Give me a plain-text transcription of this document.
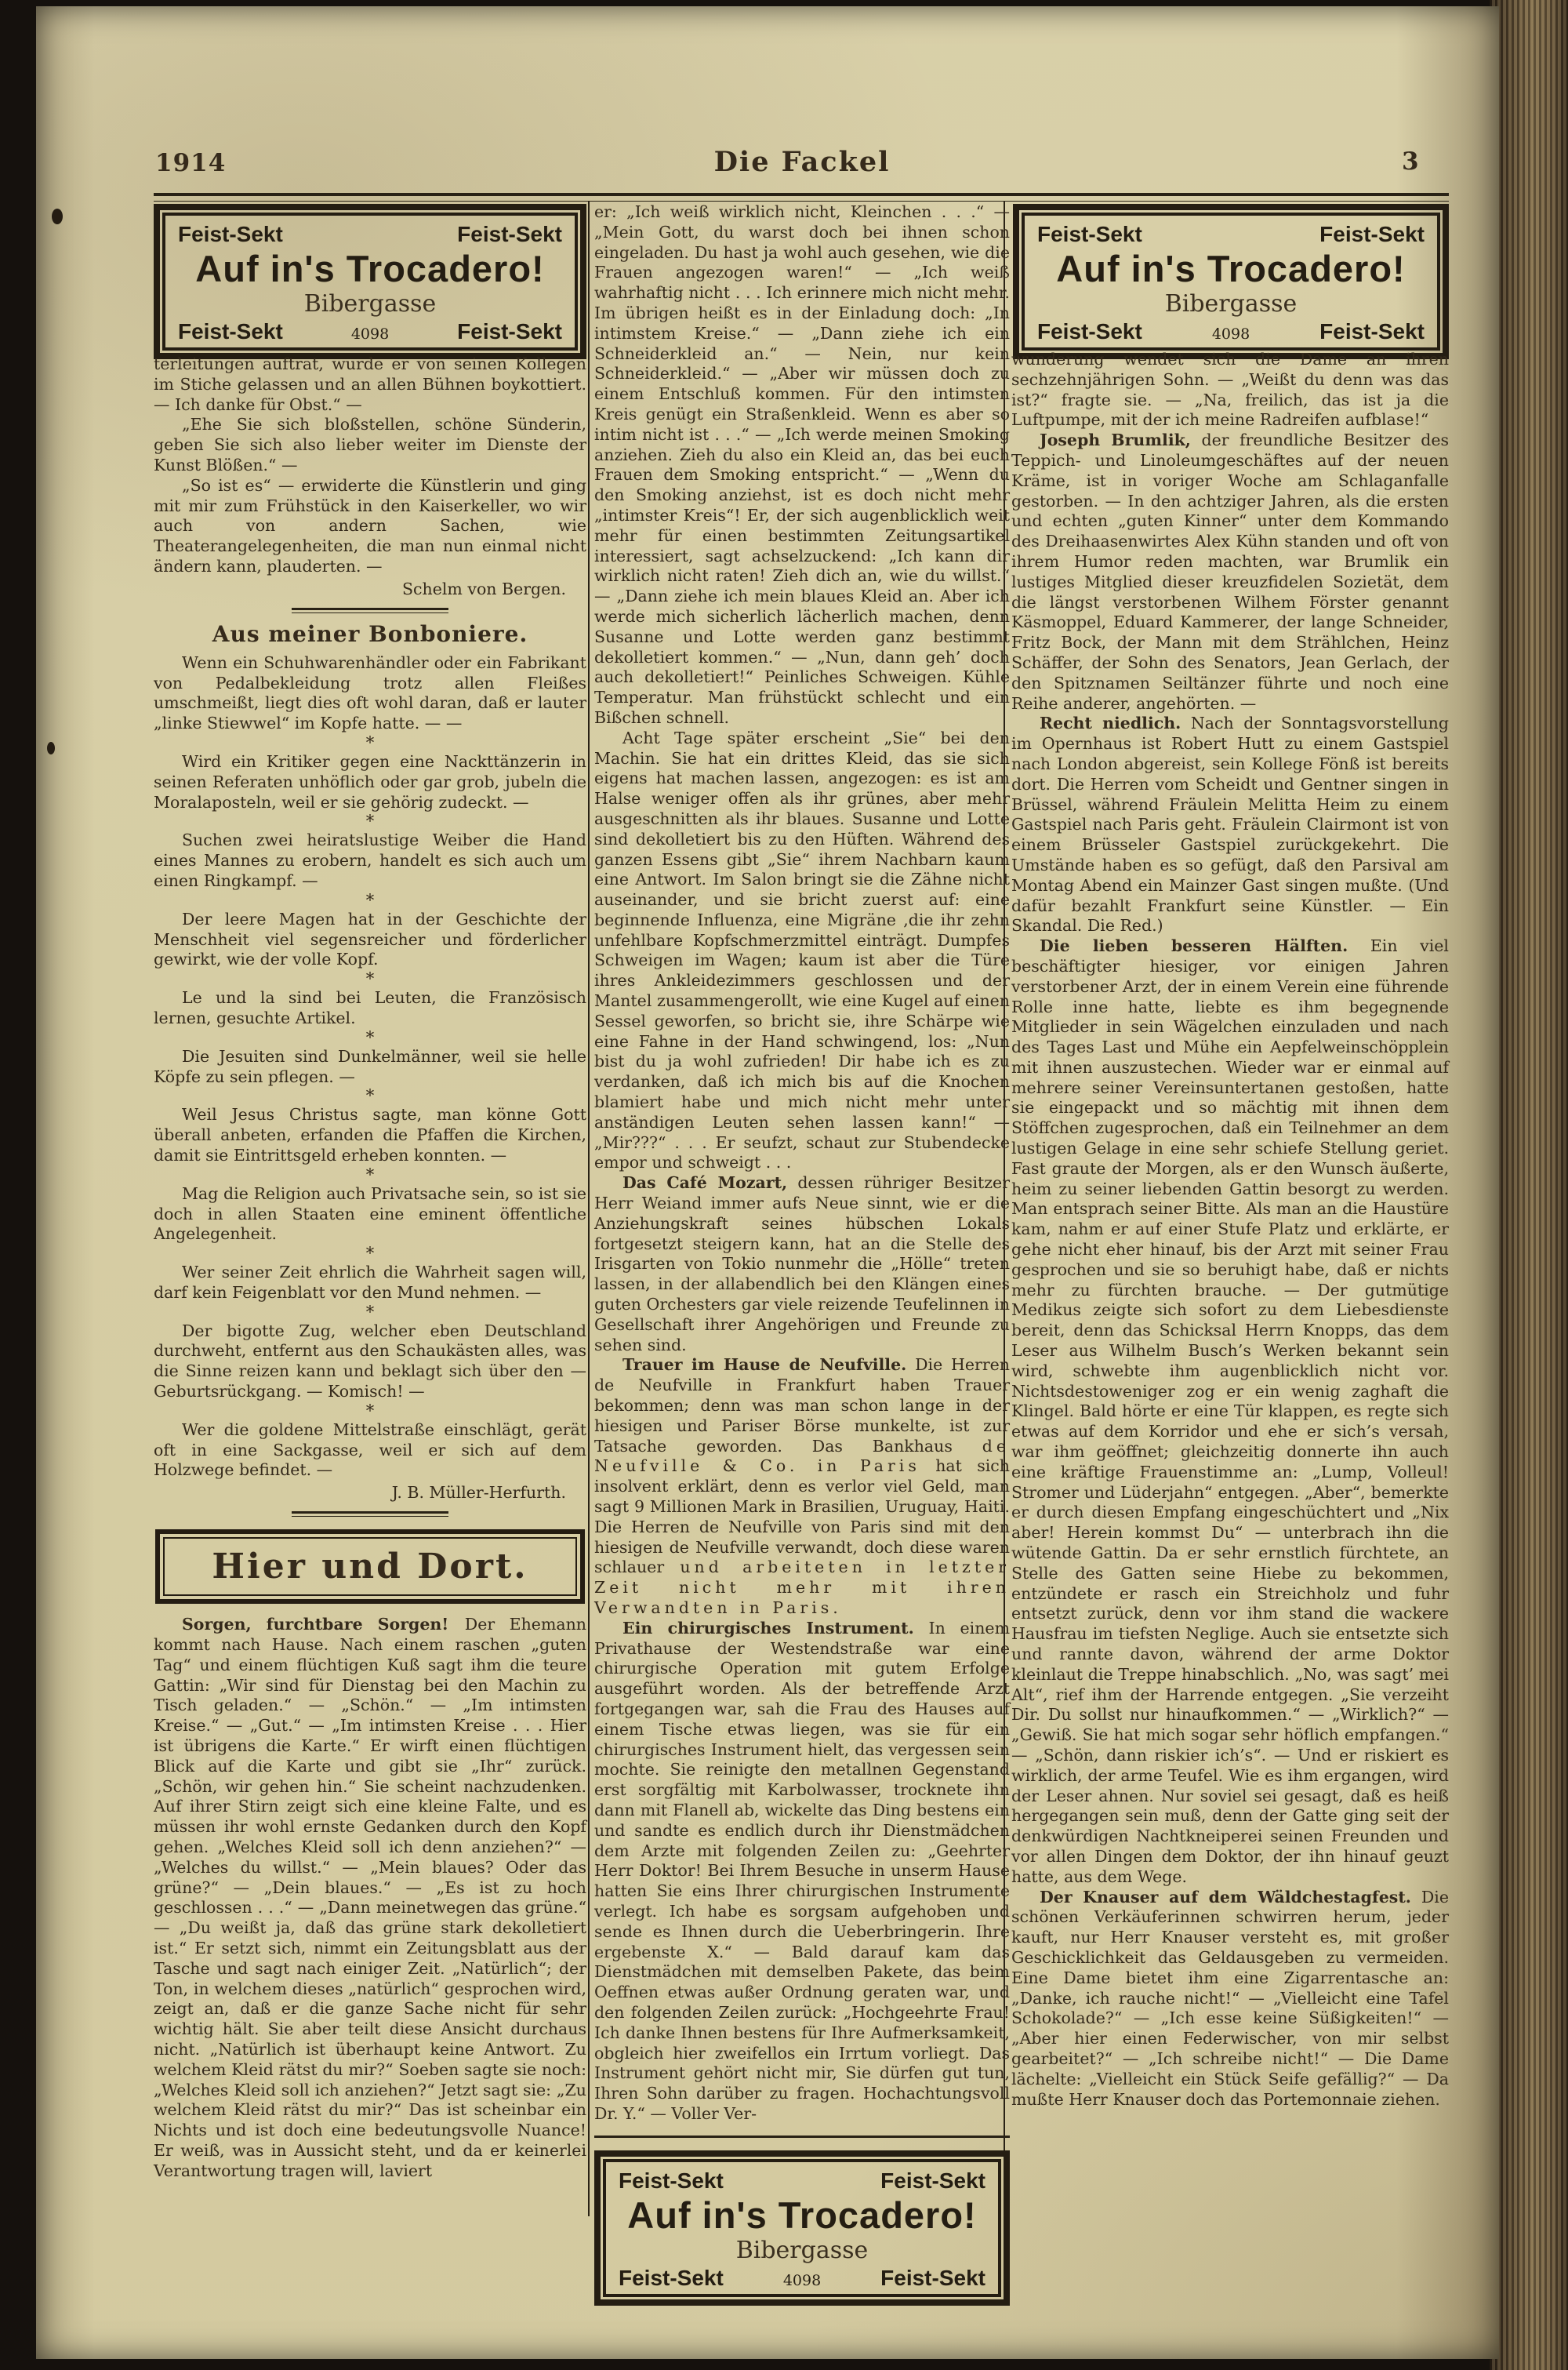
1914	Die Fackel	3
Feist-Sekt	Feist-Sekt
Auf in's Trocadero!
Bibergasse
Feist-Sekt	4098	Feist-Sekt
Feist-Sekt	Feist-Sekt
Auf in's Trocadero!
Bibergasse
Feist-Sekt	4098	Feist-Sekt

terleitungen auftrat, wurde er von seinen Kollegen im Stiche gelassen und an allen Bühnen boykottiert. — Ich danke für Obst.“ —

„Ehe Sie sich bloßstellen, schöne Sünderin, geben Sie sich also lieber weiter im Dienste der Kunst Blößen.“ —

„So ist es“ — erwiderte die Künstlerin und ging mit mir zum Frühstück in den Kaiserkeller, wo wir auch von andern Sachen, wie Theaterangelegenheiten, die man nun einmal nicht ändern kann, plauderten. —

Schelm von Bergen.

Aus meiner Bonboniere.

Wenn ein Schuhwarenhändler oder ein Fabrikant von Pedalbekleidung trotz allen Fleißes umschmeißt, liegt dies oft wohl daran, daß er lauter „linke Stiewwel“ im Kopfe hatte. — —

*

Wird ein Kritiker gegen eine Nackttänzerin in seinen Referaten unhöflich oder gar grob, jubeln die Moralaposteln, weil er sie gehörig zudeckt. —

*

Suchen zwei heiratslustige Weiber die Hand eines Mannes zu erobern, handelt es sich auch um einen Ringkampf. —

*

Der leere Magen hat in der Geschichte der Menschheit viel segensreicher und förderlicher gewirkt, wie der volle Kopf.

*

Le und la sind bei Leuten, die Französisch lernen, gesuchte Artikel.

*

Die Jesuiten sind Dunkelmänner, weil sie helle Köpfe zu sein pflegen. —

*

Weil Jesus Christus sagte, man könne Gott überall anbeten, erfanden die Pfaffen die Kirchen, damit sie Eintrittsgeld erheben konnten. —

*

Mag die Religion auch Privatsache sein, so ist sie doch in allen Staaten eine eminent öffentliche Angelegenheit.

*

Wer seiner Zeit ehrlich die Wahrheit sagen will, darf kein Feigenblatt vor den Mund nehmen. —

*

Der bigotte Zug, welcher eben Deutschland durchweht, entfernt aus den Schaukästen alles, was die Sinne reizen kann und beklagt sich über den — Geburtsrückgang. — Komisch! —

*

Wer die goldene Mittelstraße einschlägt, gerät oft in eine Sackgasse, weil er sich auf dem Holzwege befindet. —

J. B. Müller-Herfurth.

Hier und Dort.

Sorgen, furchtbare Sorgen!  Der Ehemann kommt nach Hause. Nach einem raschen „guten Tag“ und einem flüchtigen Kuß sagt ihm die teure Gattin: „Wir sind für Dienstag bei den Machin zu Tisch geladen.“ — „Schön.“ — „Im intimsten Kreise.“ — „Gut.“ — „Im intimsten Kreise . . . Hier ist übrigens die Karte.“ Er wirft einen flüchtigen Blick auf die Karte und gibt sie „Ihr“ zurück. „Schön, wir gehen hin.“ Sie scheint nachzudenken. Auf ihrer Stirn zeigt sich eine kleine Falte, und es müssen ihr wohl ernste Gedanken durch den Kopf gehen. „Welches Kleid soll ich denn anziehen?“ — „Welches du willst.“ — „Mein blaues? Oder das grüne?“ — „Dein blaues.“ — „Es ist zu hoch geschlossen . . .“ — „Dann meinetwegen das grüne.“ — „Du weißt ja, daß das grüne stark dekolletiert ist.“ Er setzt sich, nimmt ein Zeitungsblatt aus der Tasche und sagt nach einiger Zeit. „Natürlich“; der Ton, in welchem dieses „natürlich“ gesprochen wird, zeigt an, daß er die ganze Sache nicht für sehr wichtig hält. Sie aber teilt diese Ansicht durchaus nicht. „Natürlich ist überhaupt keine Antwort. Zu welchem Kleid rätst du mir?“ Soeben sagte sie noch: „Welches Kleid soll ich anziehen?“ Jetzt sagt sie: „Zu welchem Kleid rätst du mir?“ Das ist scheinbar ein Nichts und ist doch eine bedeutungsvolle Nuance! Er weiß, was in Aussicht steht, und da er keinerlei Verantwortung tragen will, laviert

er: „Ich weiß wirklich nicht, Kleinchen . . .“ — „Mein Gott, du warst doch bei ihnen schon eingeladen. Du hast ja wohl auch gesehen, wie die Frauen angezogen waren!“ — „Ich weiß wahrhaftig nicht . . . Ich erinnere mich nicht mehr. Im übrigen heißt es in der Einladung doch: „In intimstem Kreise.“ — „Dann ziehe ich ein Schneiderkleid an.“ — Nein, nur kein Schneiderkleid.“ — „Aber wir müssen doch zu einem Entschluß kommen. Für den intimsten Kreis genügt ein Straßenkleid. Wenn es aber so intim nicht ist . . .“ — „Ich werde meinen Smoking anziehen. Zieh du also ein Kleid an, das bei euch Frauen dem Smoking entspricht.“ — „Wenn du den Smoking anziehst, ist es doch nicht mehr „intimster Kreis“! Er, der sich augenblicklich weit mehr für einen bestimmten Zeitungsartikel interessiert, sagt achselzuckend: „Ich kann dir wirklich nicht raten! Zieh dich an, wie du willst.“ — „Dann ziehe ich mein blaues Kleid an. Aber ich werde mich sicherlich lächerlich machen, denn Susanne und Lotte werden ganz bestimmt dekolletiert kommen.“ — „Nun, dann geh’ doch auch dekolletiert!“ Peinliches Schweigen. Kühle Temperatur. Man frühstückt schlecht und ein Bißchen schnell.

Acht Tage später erscheint „Sie“ bei den Machin. Sie hat ein drittes Kleid, das sie sich eigens hat machen lassen, angezogen: es ist am Halse weniger offen als ihr grünes, aber mehr ausgeschnitten als ihr blaues. Susanne und Lotte sind dekolletiert bis zu den Hüften. Während des ganzen Essens gibt „Sie“ ihrem Nachbarn kaum eine Antwort. Im Salon bringt sie die Zähne nicht auseinander, und sie bricht zuerst auf: eine beginnende Influenza, eine Migräne ,die ihr zehn unfehlbare Kopfschmerzmittel einträgt. Dumpfes Schweigen im Wagen; kaum ist aber die Türe ihres Ankleidezimmers geschlossen und der Mantel zusammengerollt, wie eine Kugel auf einen Sessel geworfen, so bricht sie, ihre Schärpe wie eine Fahne in der Hand schwingend, los: „Nun bist du ja wohl zufrieden! Dir habe ich es zu verdanken, daß ich mich bis auf die Knochen blamiert habe und mich nicht mehr unter anständigen Leuten sehen lassen kann!“ — „Mir???“ . . . Er seufzt, schaut zur Stubendecke empor und schweigt . . .

Das Café Mozart, dessen rühriger Besitzer Herr Weiand immer aufs Neue sinnt, wie er die Anziehungskraft seines hübschen Lokals fortgesetzt steigern kann, hat an die Stelle des Irisgarten von Tokio nunmehr die „Hölle“ treten lassen, in der allabendlich bei den Klängen eines guten Orchesters gar viele reizende Teufelinnen in Gesellschaft ihrer Angehörigen und Freunde zu sehen sind.

Trauer im Hause de Neufville. Die Herren de Neufville in Frankfurt haben Trauer bekommen; denn was man schon lange in der hiesigen und Pariser Börse munkelte, ist zur Tatsache geworden. Das Bankhaus de Neufville & Co. in Paris hat sich insolvent erklärt, denn es verlor viel Geld, man sagt 9 Millionen Mark in Brasilien, Uruguay, Haiti. Die Herren de Neufville von Paris sind mit den hiesigen de Neufville verwandt, doch diese waren schlauer und arbeiteten in letzter Zeit nicht mehr mit ihren Verwandten in Paris.

Ein chirurgisches Instrument. In einem Privathause der Westendstraße war eine chirurgische Operation mit gutem Erfolge ausgeführt worden. Als der betreffende Arzt fortgegangen war, sah die Frau des Hauses auf einem Tische etwas liegen, was sie für ein chirurgisches Instrument hielt, das vergessen sein mochte. Sie reinigte den metallnen Gegenstand erst sorgfältig mit Karbolwasser, trocknete ihn dann mit Flanell ab, wickelte das Ding bestens ein und sandte es endlich durch ihr Dienstmädchen dem Arzte mit folgenden Zeilen zu: „Geehrter Herr Doktor! Bei Ihrem Besuche in unserm Hause hatten Sie eins Ihrer chirurgischen Instrumente verlegt. Ich habe es sorgsam aufgehoben und sende es Ihnen durch die Ueberbringerin. Ihre ergebenste X.“ — Bald darauf kam das Dienstmädchen mit demselben Pakete, das beim Oeffnen etwas außer Ordnung geraten war, und den folgenden Zeilen zurück: „Hochgeehrte Frau! Ich danke Ihnen bestens für Ihre Aufmerksamkeit, obgleich hier zweifellos ein Irrtum vorliegt. Das Instrument gehört nicht mir, Sie dürfen gut tun, Ihren Sohn darüber zu fragen. Hochachtungsvoll Dr. Y.“ — Voller Ver-

Feist-Sekt	Feist-Sekt
Auf in's Trocadero!
Bibergasse
Feist-Sekt	4098	Feist-Sekt

wunderung wendet sich die Dame an ihren sechzehnjährigen Sohn. — „Weißt du denn was das ist?“ fragte sie. — „Na, freilich, das ist ja die Luftpumpe, mit der ich meine Radreifen aufblase!“

Joseph Brumlik, der freundliche Besitzer des Teppich- und Linoleumgeschäftes auf der neuen Kräme, ist in voriger Woche am Schlaganfalle gestorben. — In den achtziger Jahren, als die ersten und echten „guten Kinner“ unter dem Kommando des Dreihaasenwirtes Alex Kühn standen und oft von ihrem Humor reden machten, war Brumlik ein lustiges Mitglied dieser kreuzfidelen Sozietät, dem die längst verstorbenen Wilhem Förster genannt Käsmoppel, Eduard Kammerer, der lange Schneider, Fritz Bock, der Mann mit dem Strählchen, Heinz Schäffer, der Sohn des Senators, Jean Gerlach, der den Spitznamen Seiltänzer führte und noch eine Reihe anderer, angehörten. —

Recht niedlich. Nach der Sonntagsvorstellung im Opernhaus ist Robert Hutt zu einem Gastspiel nach London abgereist, sein Kollege Fönß ist bereits dort. Die Herren vom Scheidt und Gentner singen in Brüssel, während Fräulein Melitta Heim zu einem Gastspiel nach Paris geht. Fräulein Clairmont ist von einem Brüsseler Gastspiel zurückgekehrt. Die Umstände haben es so gefügt, daß den Parsival am Montag Abend ein Mainzer Gast singen mußte. (Und dafür bezahlt Frankfurt seine Künstler. — Ein Skandal. Die Red.)

Die lieben besseren Hälften. Ein viel beschäftigter hiesiger, vor einigen Jahren verstorbener Arzt, der in einem Verein eine führende Rolle inne hatte, liebte es ihm begegnende Mitglieder in sein Wägelchen einzuladen und nach des Tages Last und Mühe ein Aepfelweinschöpplein mit ihnen auszustechen. Wieder war er einmal auf mehrere seiner Vereinsuntertanen gestoßen, hatte sie eingepackt und so mächtig mit ihnen dem Stöffchen zugesprochen, daß ein Teilnehmer an dem lustigen Gelage in eine sehr schiefe Stellung geriet. Fast graute der Morgen, als er den Wunsch äußerte, heim zu seiner liebenden Gattin besorgt zu werden. Man entsprach seiner Bitte. Als man an die Haustüre kam, nahm er auf einer Stufe Platz und erklärte, er gehe nicht eher hinauf, bis der Arzt mit seiner Frau gesprochen und sie so beruhigt habe, daß er nichts mehr zu fürchten brauche. — Der gutmütige Medikus zeigte sich sofort zu dem Liebesdienste bereit, denn das Schicksal Herrn Knopps, das dem Leser aus Wilhelm Busch’s Werken bekannt sein wird, schwebte ihm augenblicklich nicht vor. Nichtsdestoweniger zog er ein wenig zaghaft die Klingel. Bald hörte er eine Tür klappen, es regte sich etwas auf dem Korridor und ehe er sich’s versah, war ihm geöffnet; gleichzeitig donnerte ihn auch eine kräftige Frauenstimme an: „Lump, Volleul! Stromer und Lüderjahn“ entgegen. „Aber“, bemerkte er durch diesen Empfang eingeschüchtert und „Nix aber! Herein kommst Du“ — unterbrach ihn die wütende Gattin. Da er sehr ernstlich fürchtete, an Stelle des Gatten seine Hiebe zu bekommen, entzündete er rasch ein Streichholz und fuhr entsetzt zurück, denn vor ihm stand die wackere Hausfrau im tiefsten Neglige. Auch sie entsetzte sich und rannte davon, während der arme Doktor kleinlaut die Treppe hinabschlich. „No, was sagt’ mei Alt“, rief ihm der Harrende entgegen. „Sie verzeiht Dir. Du sollst nur hinaufkommen.“ — „Wirklich?“ — „Gewiß. Sie hat mich sogar sehr höflich empfangen.“ — „Schön, dann riskier ich’s“. — Und er riskiert es wirklich, der arme Teufel. Wie es ihm ergangen, wird der Leser ahnen. Nur soviel sei gesagt, daß es heiß hergegangen sein muß, denn der Gatte ging seit der denkwürdigen Nachtkneiperei seinen Freunden und vor allen Dingen dem Doktor, der ihn hinauf geuzt hatte, aus dem Wege.

Der Knauser auf dem Wäldchestagfest. Die schönen Verkäuferinnen schwirren herum, jeder kauft, nur Herr Knauser versteht es, mit großer Geschicklichkeit das Geldausgeben zu vermeiden. Eine Dame bietet ihm eine Zigarrentasche an: „Danke, ich rauche nicht!“ — „Vielleicht eine Tafel Schokolade?“ — „Ich esse keine Süßigkeiten!“ — „Aber hier einen Federwischer, von mir selbst gearbeitet?“ — „Ich schreibe nicht!“ — Die Dame lächelte: „Vielleicht ein Stück Seife gefällig?“ — Da mußte Herr Knauser doch das Portemonnaie ziehen.
